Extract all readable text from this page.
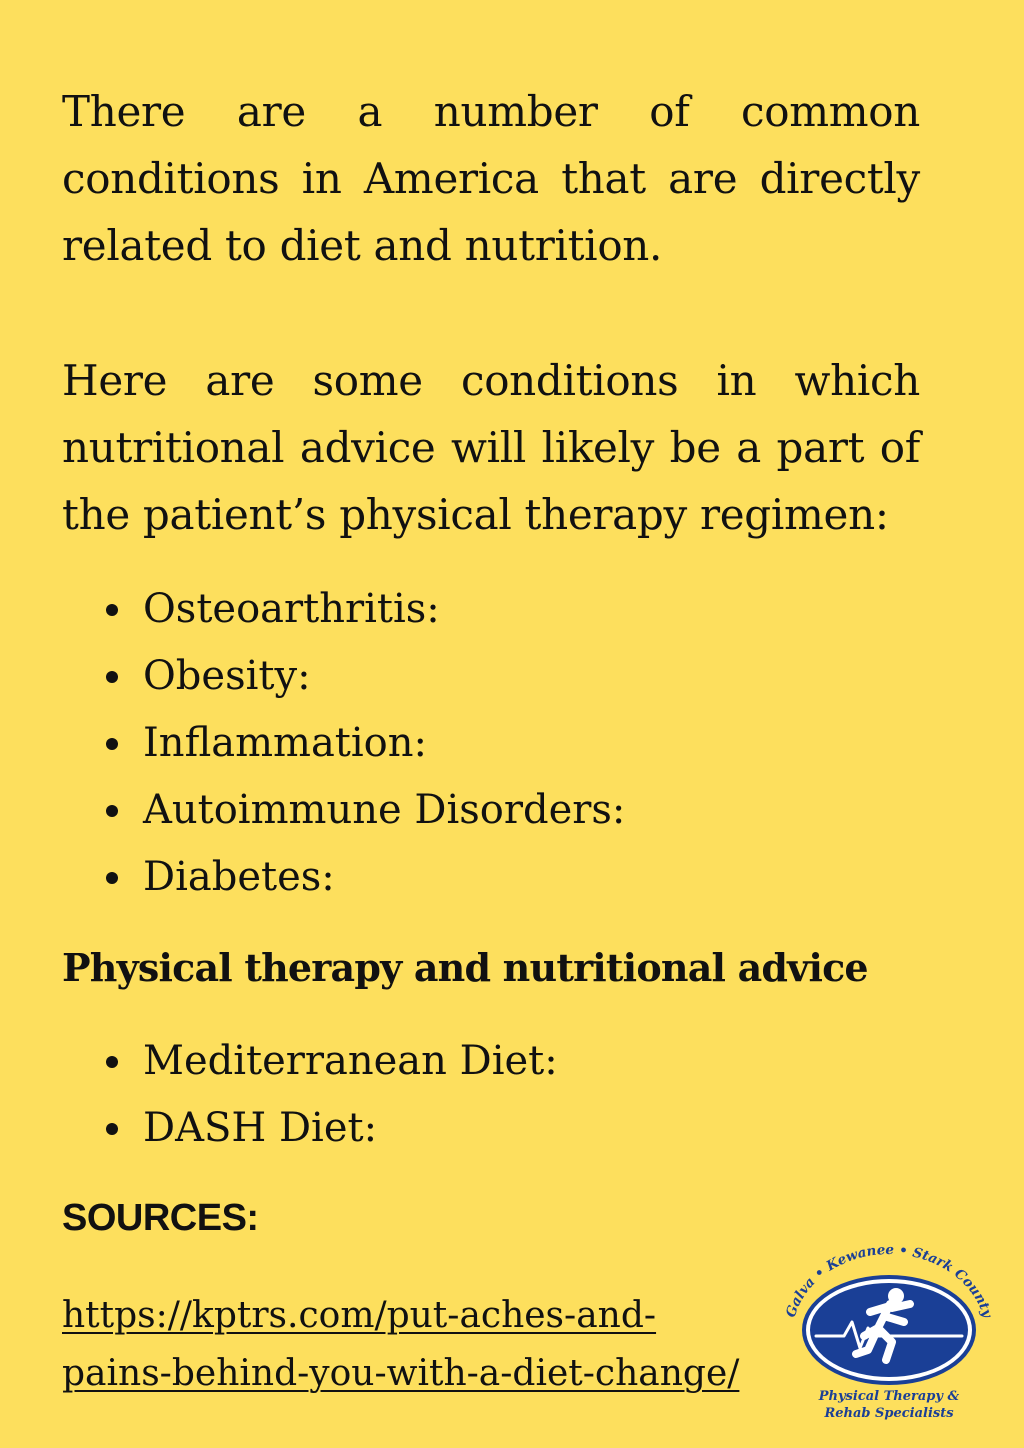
There are a number of common conditions in America that are directly related to diet and nutrition.

Here are some conditions in which nutritional advice will likely be a part of the patient’s physical therapy regimen:

Osteoarthritis:
Obesity:
Inflammation:
Autoimmune Disorders:
Diabetes:
Physical therapy and nutritional advice
Mediterranean Diet:
DASH Diet:
SOURCES:
https://kptrs.com/put-aches-and-
pains-behind-you-with-a-diet-change/
Galva • Kewanee • Stark County
Physical Therapy &
Rehab Specialists
